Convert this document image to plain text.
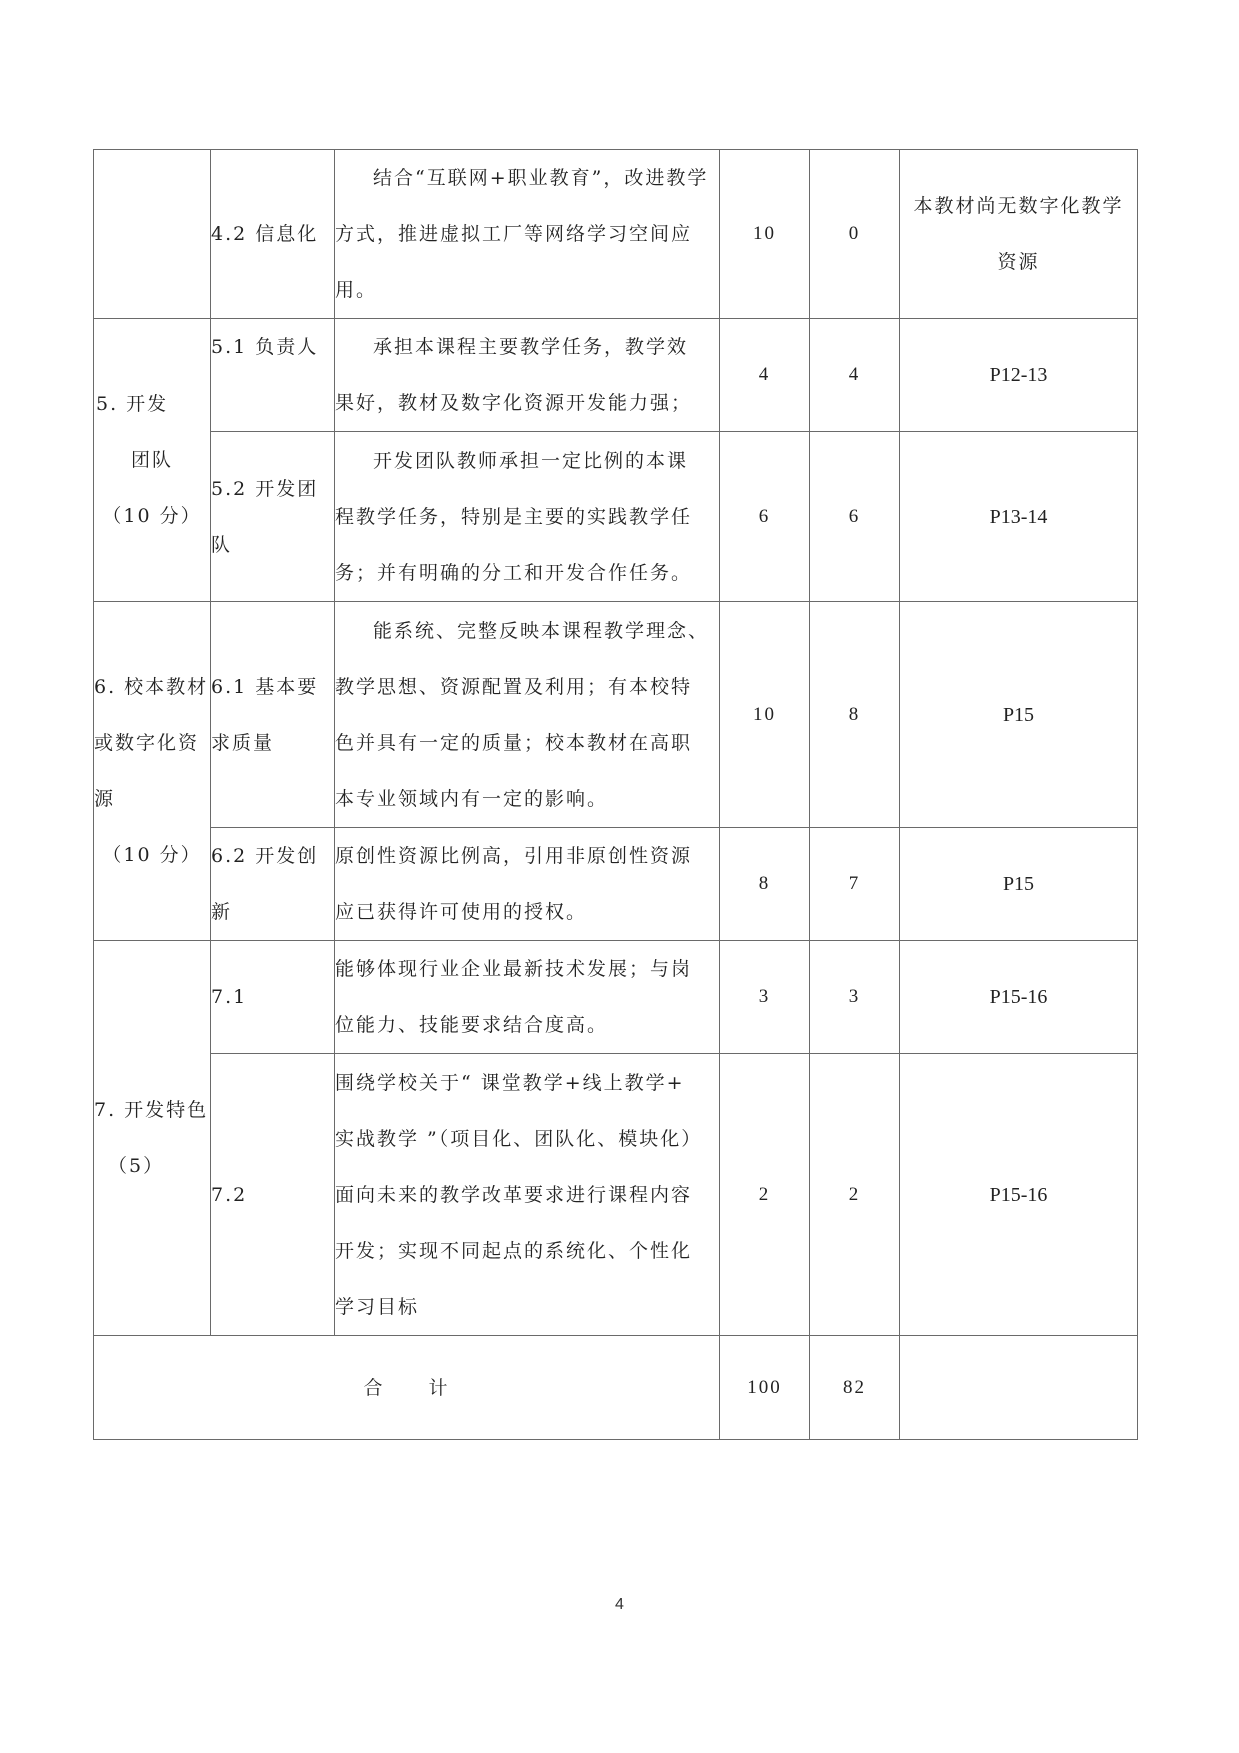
	4.2 信息化	结合“互联网+职业教育”，改进教学
方式，推进虚拟工厂等网络学习空间应
用。	10	0	本教材尚无数字化教学
资源

5. 开发
团队
（10 分）	5.1 负责人	承担本课程主要教学任务，教学效
果好，教材及数字化资源开发能力强；	4	4	P12-13
	5.2 开发团
队	开发团队教师承担一定比例的本课
程教学任务，特别是主要的实践教学任
务；并有明确的分工和开发合作任务。	6	6	P13-14

6. 校本教材
或数字化资
源
（10 分）	6.1 基本要
求质量	能系统、完整反映本课程教学理念、
教学思想、资源配置及利用；有本校特
色并具有一定的质量；校本教材在高职
本专业领域内有一定的影响。	10	8	P15
	6.2 开发创
新	原创性资源比例高，引用非原创性资源
应已获得许可使用的授权。	8	7	P15

7. 开发特色
（5）	7.1	能够体现行业企业最新技术发展；与岗
位能力、技能要求结合度高。	3	3	P15-16
	7.2	围绕学校关于“ 课堂教学+线上教学+
实战教学 ”（项目化、团队化、模块化）
面向未来的教学改革要求进行课程内容
开发；实现不同起点的系统化、个性化
学习目标	2	2	P15-16
合 计			100	82	
4
